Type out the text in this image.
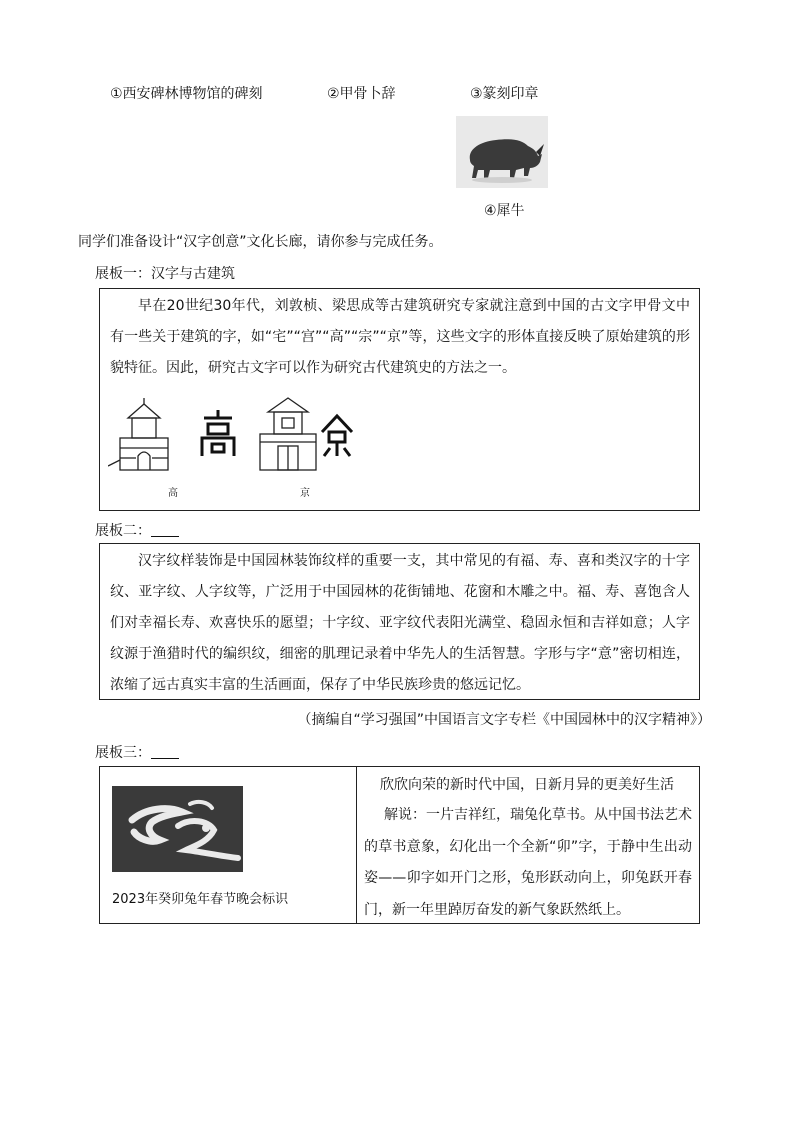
①西安碑林博物馆的碑刻	②甲骨卜辞	③篆刻印章
④犀牛
同学们准备设计“汉字创意”文化长廊，请你参与完成任务。
展板一：汉字与古建筑
早在20世纪30年代，刘敦桢、梁思成等古建筑研究专家就注意到中国的古文字甲骨文中有一些关于建筑的字，如“宅”“宫”“高”“宗”“京”等，这些文字的形体直接反映了原始建筑的形貌特征。因此，研究古文字可以作为研究古代建筑史的方法之一。
高	京
展板二：
汉字纹样装饰是中国园林装饰纹样的重要一支，其中常见的有福、寿、喜和类汉字的十字纹、亚字纹、人字纹等，广泛用于中国园林的花街铺地、花窗和木雕之中。福、寿、喜饱含人们对幸福长寿、欢喜快乐的愿望；十字纹、亚字纹代表阳光满堂、稳固永恒和吉祥如意；人字纹源于渔猎时代的编织纹，细密的肌理记录着中华先人的生活智慧。字形与字“意”密切相连，浓缩了远古真实丰富的生活画面，保存了中华民族珍贵的悠远记忆。
（摘编自“学习强国”中国语言文字专栏《中国园林中的汉字精神》）
展板三：
2023年癸卯兔年春节晚会标识
欣欣向荣的新时代中国，日新月异的更美好生活
解说：一片吉祥红，瑞兔化草书。从中国书法艺术的草书意象，幻化出一个全新“卯”字，于静中生出动姿——卯字如开门之形，兔形跃动向上，卯兔跃开春门，新一年里踔厉奋发的新气象跃然纸上。
